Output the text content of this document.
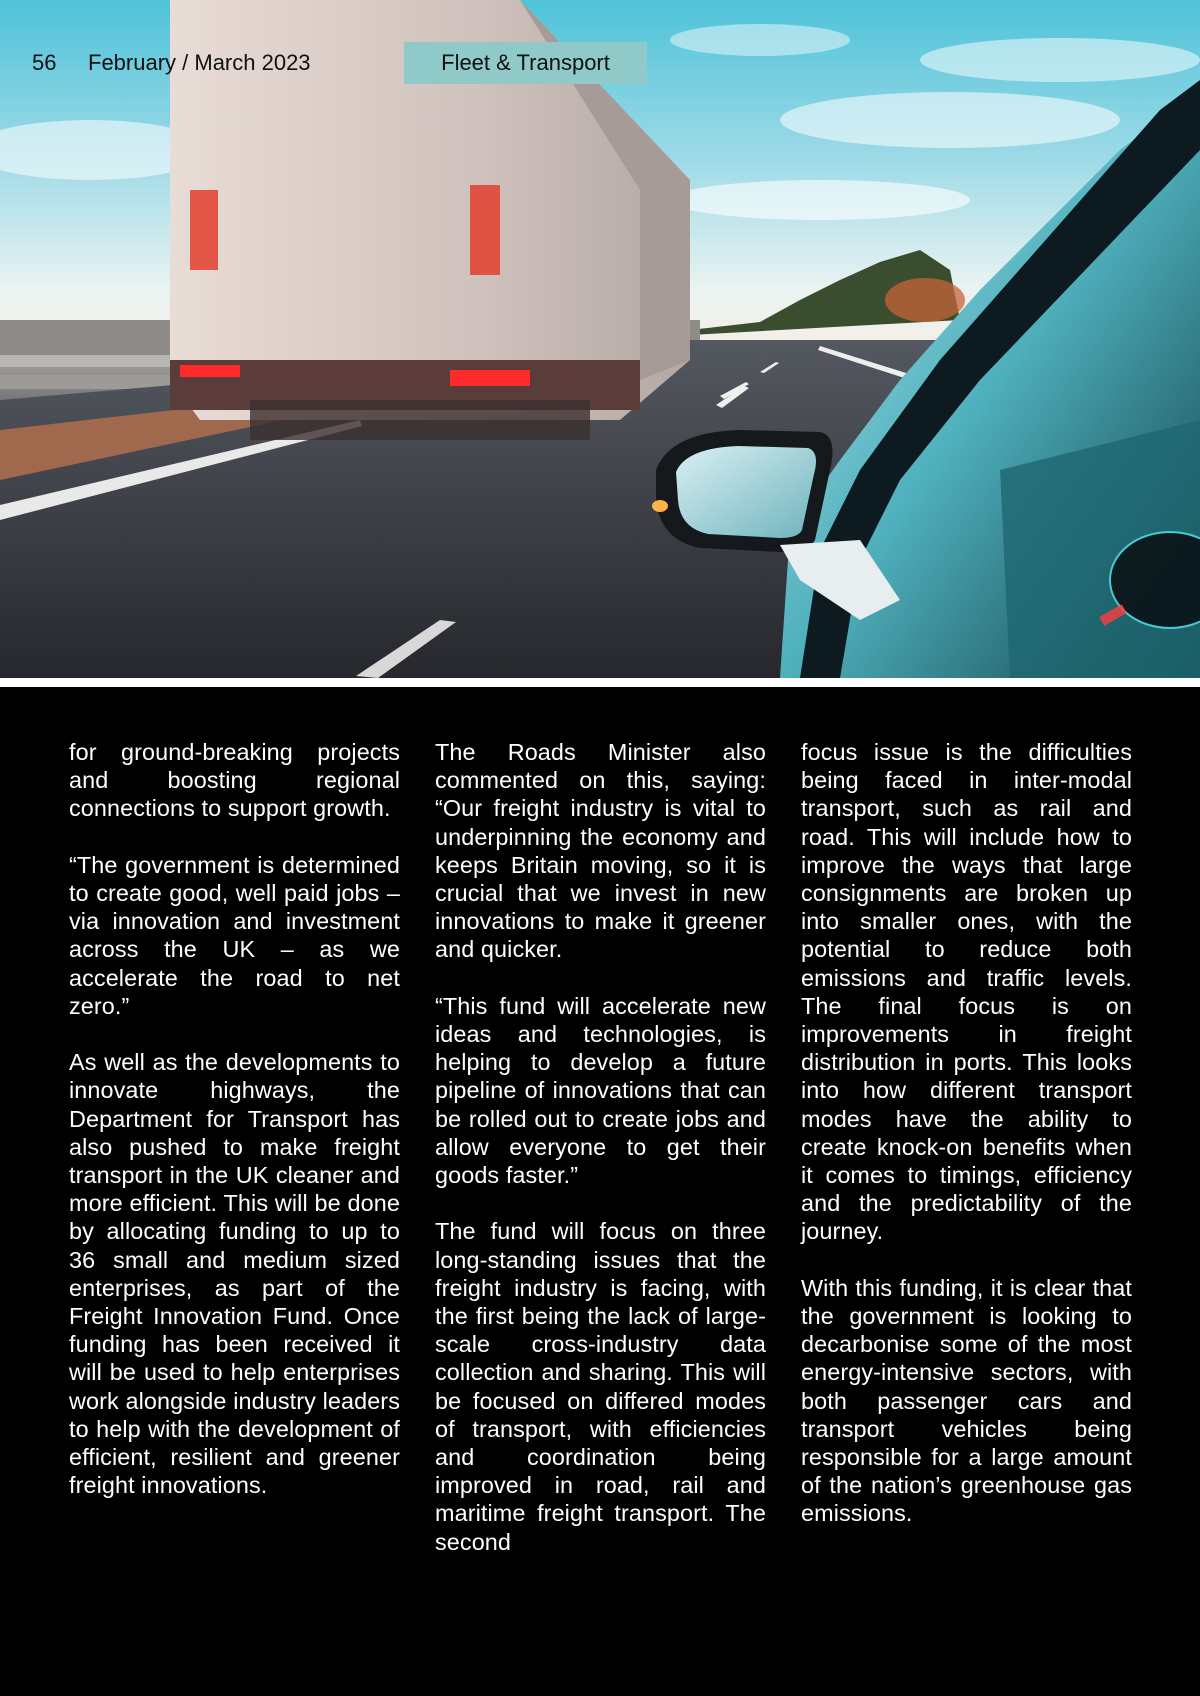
56 February / March 2023	Fleet & Transport

for ground-breaking projects and boosting regional connections to support growth.

“The government is determined to create good, well paid jobs – via innovation and investment across the UK – as we accelerate the road to net zero.”

As well as the developments to innovate highways, the Department for Transport has also pushed to make freight transport in the UK cleaner and more efficient. This will be done by allocating funding to up to 36 small and medium sized enterprises, as part of the Freight Innovation Fund. Once funding has been received it will be used to help enterprises work alongside industry leaders to help with the development of efficient, resilient and greener freight innovations.

The Roads Minister also commented on this, saying: “Our freight industry is vital to underpinning the economy and keeps Britain moving, so it is crucial that we invest in new innovations to make it greener and quicker.

“This fund will accelerate new ideas and technologies, is helping to develop a future pipeline of innovations that can be rolled out to create jobs and allow everyone to get their goods faster.”

The fund will focus on three long-standing issues that the freight industry is facing, with the first being the lack of large-scale cross-industry data collection and sharing. This will be focused on differed modes of transport, with efficiencies and coordination being improved in road, rail and maritime freight transport. The second

focus issue is the difficulties being faced in inter-modal transport, such as rail and road. This will include how to improve the ways that large consignments are broken up into smaller ones, with the potential to reduce both emissions and traffic levels. The final focus is on improvements in freight distribution in ports. This looks into how different transport modes have the ability to create knock-on benefits when it comes to timings, efficiency and the predictability of the journey.

With this funding, it is clear that the government is looking to decarbonise some of the most energy-intensive sectors, with both passenger cars and transport vehicles being responsible for a large amount of the nation’s greenhouse gas emissions.
